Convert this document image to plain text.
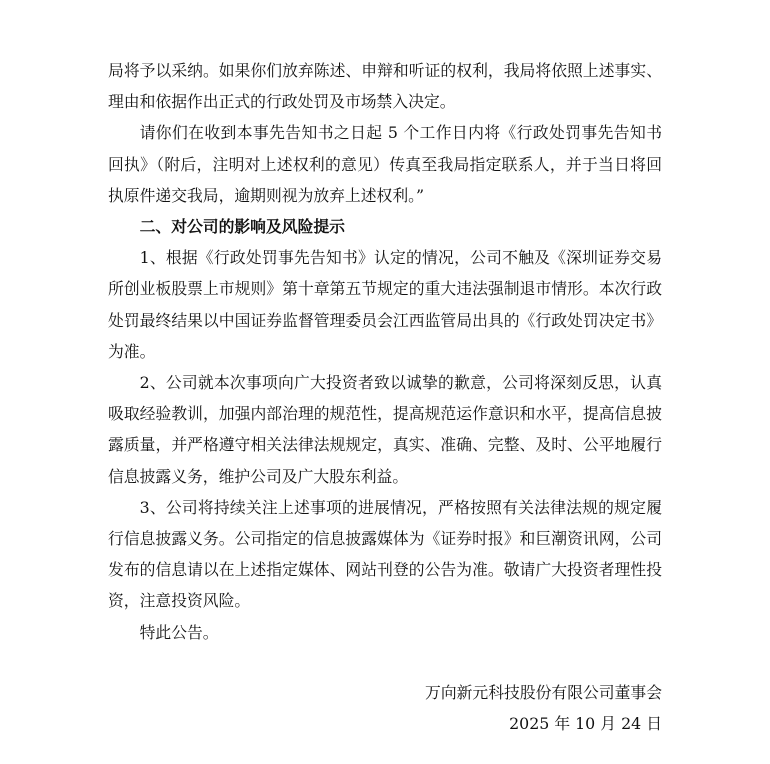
局将予以采纳。如果你们放弃陈述、申辩和听证的权利，我局将依照上述事实、理由和依据作出正式的行政处罚及市场禁入决定。

请你们在收到本事先告知书之日起 5 个工作日内将《行政处罚事先告知书回执》（附后，注明对上述权利的意见）传真至我局指定联系人，并于当日将回执原件递交我局，逾期则视为放弃上述权利。”

二、对公司的影响及风险提示

1、根据《行政处罚事先告知书》认定的情况，公司不触及《深圳证券交易所创业板股票上市规则》第十章第五节规定的重大违法强制退市情形。本次行政处罚最终结果以中国证券监督管理委员会江西监管局出具的《行政处罚决定书》为准。

2、公司就本次事项向广大投资者致以诚挚的歉意，公司将深刻反思，认真吸取经验教训，加强内部治理的规范性，提高规范运作意识和水平，提高信息披露质量，并严格遵守相关法律法规规定，真实、准确、完整、及时、公平地履行信息披露义务，维护公司及广大股东利益。

3、公司将持续关注上述事项的进展情况，严格按照有关法律法规的规定履行信息披露义务。公司指定的信息披露媒体为《证券时报》和巨潮资讯网，公司发布的信息请以在上述指定媒体、网站刊登的公告为准。敬请广大投资者理性投资，注意投资风险。

特此公告。

万向新元科技股份有限公司董事会
2025 年 10 月 24 日
